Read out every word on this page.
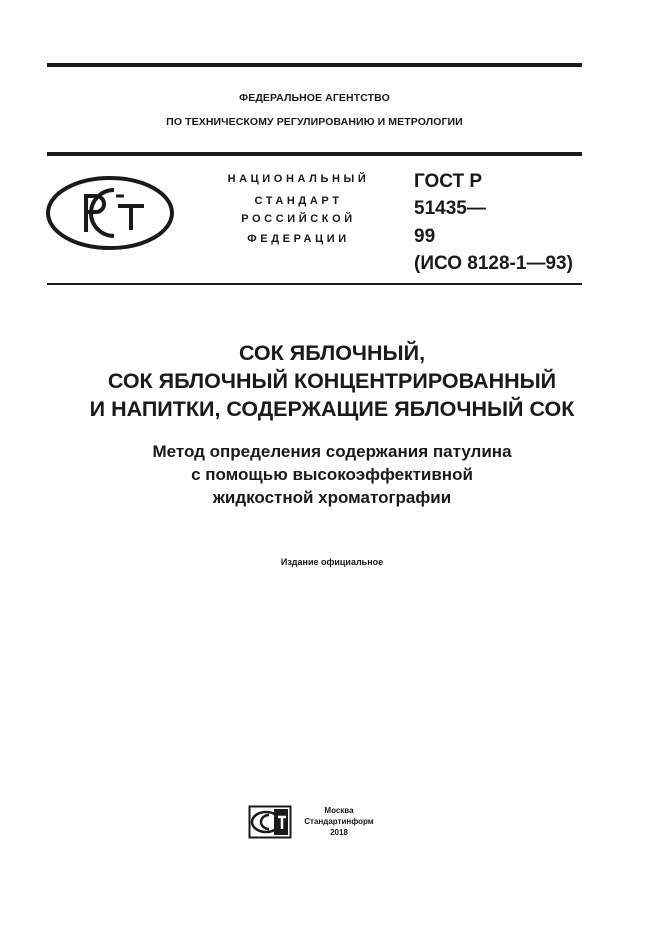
ФЕДЕРАЛЬНОЕ АГЕНТСТВО
ПО ТЕХНИЧЕСКОМУ РЕГУЛИРОВАНИЮ И МЕТРОЛОГИИ
НАЦИОНАЛЬНЫЙ
СТАНДАРТ
РОССИЙСКОЙ
ФЕДЕРАЦИИ
ГОСТ Р
51435—
99
(ИСО 8128-1—93)
СОК ЯБЛОЧНЫЙ,
СОК ЯБЛОЧНЫЙ КОНЦЕНТРИРОВАННЫЙ
И НАПИТКИ, СОДЕРЖАЩИЕ ЯБЛОЧНЫЙ СОК
Метод определения содержания патулина
с помощью высокоэффективной
жидкостной хроматографии
Издание официальное
Москва
Стандартинформ
2018
